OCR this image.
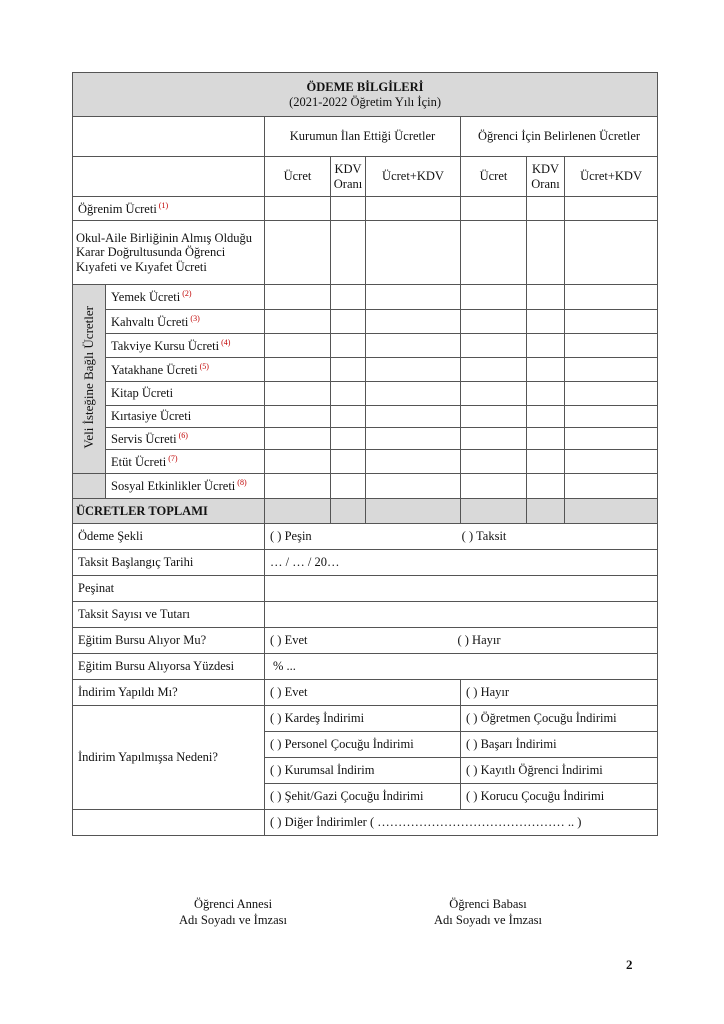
ÖDEME BİLGİLERİ
(2021-2022 Öğretim Yılı İçin)							

		Kurumun İlan Ettiği Ücretler			Öğrenci İçin Belirlenen Ücretler		
		Ücret	KDV Oranı	Ücret+KDV	Ücret	KDV Oranı	Ücret+KDV
Öğrenim Ücreti $^{(1)}$						
Okul-Aile Birliğinin Almış Olduğu Karar Doğrultusunda Öğrenci Kıyafeti ve Kıyafet Ücreti							
Veli İsteğine Bağlı Ücretler	Yemek Ücreti $^{(2)}$						
	Kahvaltı Ücreti $^{(3)}$						
	Takviye Kursu Ücreti $^{(4)}$						
	Yatakhane Ücreti $^{(5)}$						
	Kitap Ücreti						
	Kırtasiye Ücreti						
	Servis Ücreti $^{(6)}$						
	Etüt Ücreti $^{(7)}$						
	Sosyal Etkinlikler Ücreti $^{(8)}$						
ÜCRETLER TOPLAMI							
Ödeme Şekli		( ) Peşin ( ) Taksit					
Taksit Başlangıç Tarihi		… / … / 20…					
Peşinat							
Taksit Sayısı ve Tutarı							
Eğitim Bursu Alıyor Mu?		( ) Evet ( ) Hayır					
Eğitim Bursu Alıyorsa Yüzdesi		% ...					
İndirim Yapıldı Mı?		( ) Evet			( ) Hayır		
İndirim Yapılmışsa Nedeni?		( ) Kardeş İndirimi			( ) Öğretmen Çocuğu İndirimi		
		( ) Personel Çocuğu İndirimi			( ) Başarı İndirimi		
		( ) Kurumsal İndirim			( ) Kayıtlı Öğrenci İndirimi		
		( ) Şehit/Gazi Çocuğu İndirimi			( ) Korucu Çocuğu İndirimi		
		( ) Diğer İndirimler ( ……………………………………… .. )					
Öğrenci Annesi
Adı Soyadı ve İmzası
Öğrenci Babası
Adı Soyadı ve İmzası
2
